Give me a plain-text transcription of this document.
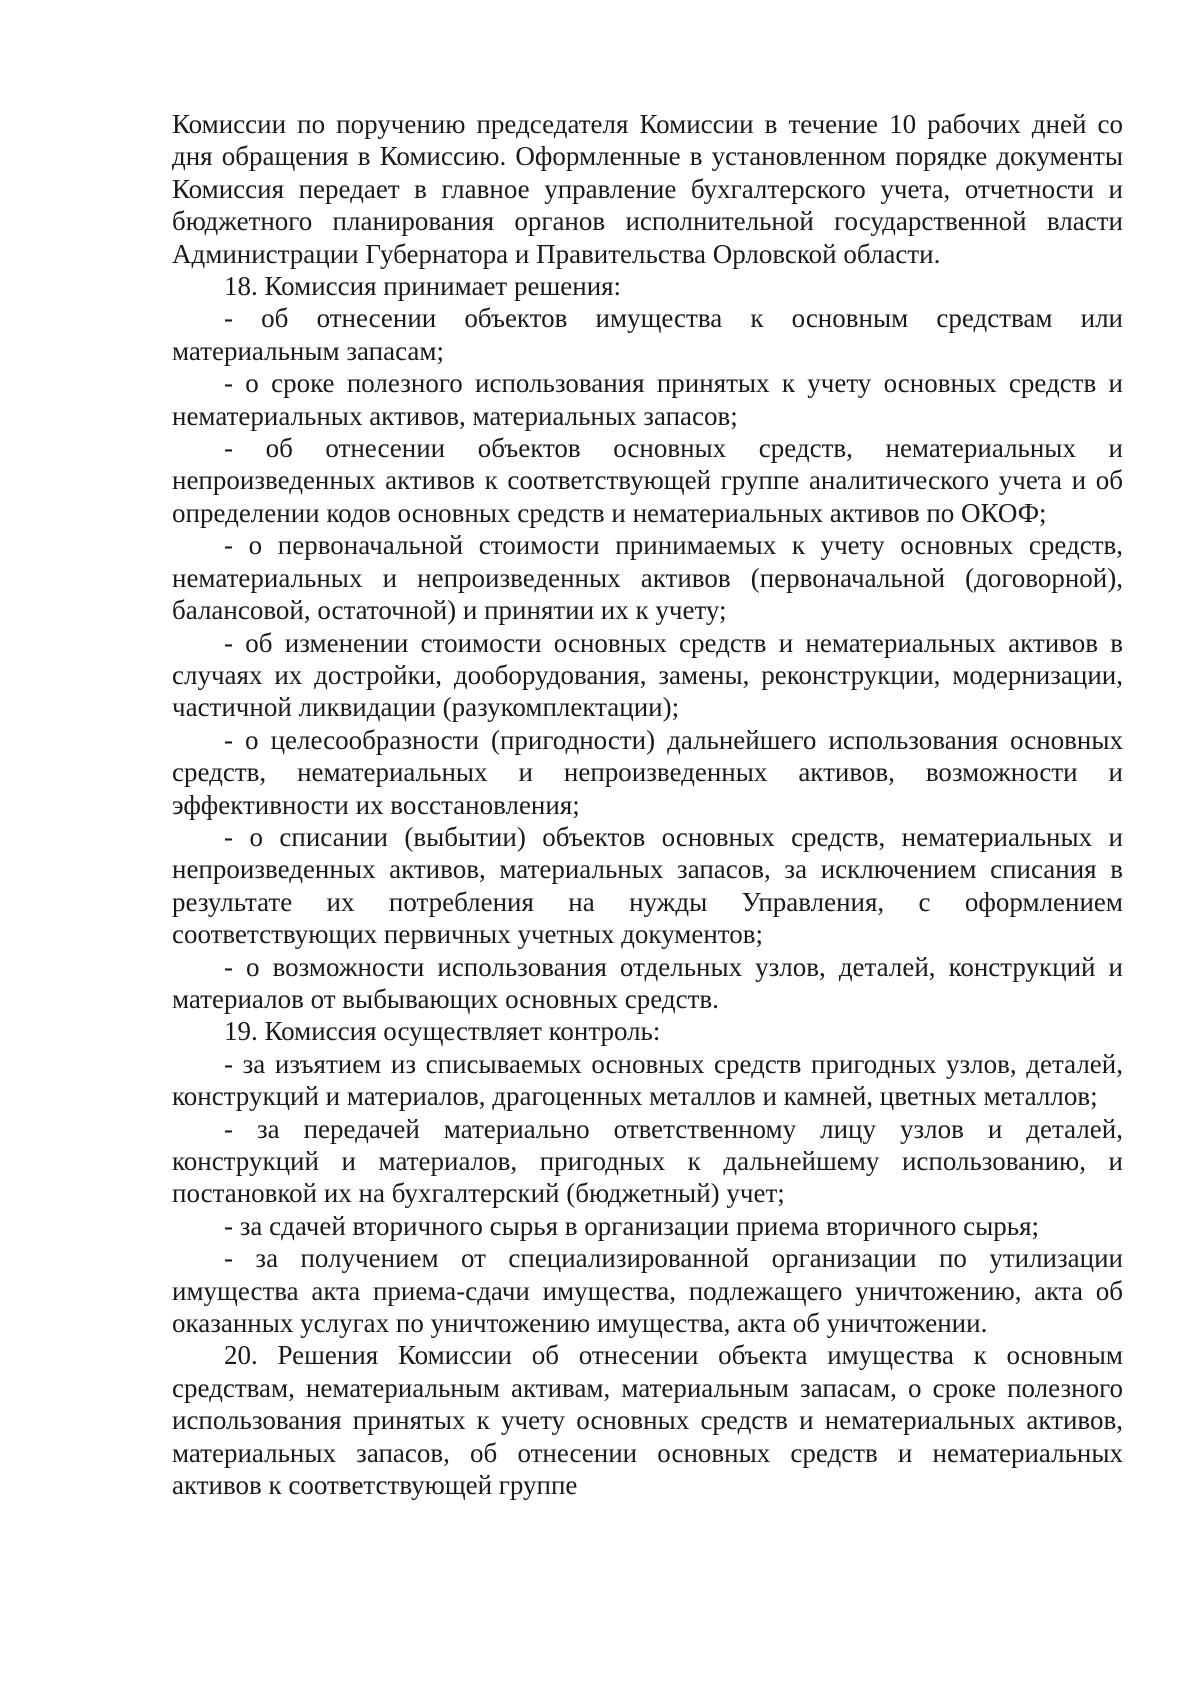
Комиссии по поручению председателя Комиссии в течение 10 рабочих дней со дня обращения в Комиссию. Оформленные в установленном порядке документы Комиссия передает в главное управление бухгалтерского учета, отчетности и бюджетного планирования органов исполнительной государственной власти Администрации Губернатора и Правительства Орловской области.

18. Комиссия принимает решения:

- об отнесении объектов имущества к основным средствам или материальным запасам;

- о сроке полезного использования принятых к учету основных средств и нематериальных активов, материальных запасов;

- об отнесении объектов основных средств, нематериальных и непроизведенных активов к соответствующей группе аналитического учета и об определении кодов основных средств и нематериальных активов по ОКОФ;

- о первоначальной стоимости принимаемых к учету основных средств, нематериальных и непроизведенных активов (первоначальной (договорной), балансовой, остаточной) и принятии их к учету;

- об изменении стоимости основных средств и нематериальных активов в случаях их достройки, дооборудования, замены, реконструкции, модернизации, частичной ликвидации (разукомплектации);

- о целесообразности (пригодности) дальнейшего использования основных средств, нематериальных и непроизведенных активов, возможности и эффективности их восстановления;

- о списании (выбытии) объектов основных средств, нематериальных и непроизведенных активов, материальных запасов, за исключением списания в результате их потребления на нужды Управления, с оформлением соответствующих первичных учетных документов;

- о возможности использования отдельных узлов, деталей, конструкций и материалов от выбывающих основных средств.

19. Комиссия осуществляет контроль:

- за изъятием из списываемых основных средств пригодных узлов, деталей, конструкций и материалов, драгоценных металлов и камней, цветных металлов;

- за передачей материально ответственному лицу узлов и деталей, конструкций и материалов, пригодных к дальнейшему использованию, и постановкой их на бухгалтерский (бюджетный) учет;

- за сдачей вторичного сырья в организации приема вторичного сырья;

- за получением от специализированной организации по утилизации имущества акта приема-сдачи имущества, подлежащего уничтожению, акта об оказанных услугах по уничтожению имущества, акта об уничтожении.

20. Решения Комиссии об отнесении объекта имущества к основным средствам, нематериальным активам, материальным запасам, о сроке полезного использования принятых к учету основных средств и нематериальных активов, материальных запасов, об отнесении основных средств и нематериальных активов к соответствующей группе
